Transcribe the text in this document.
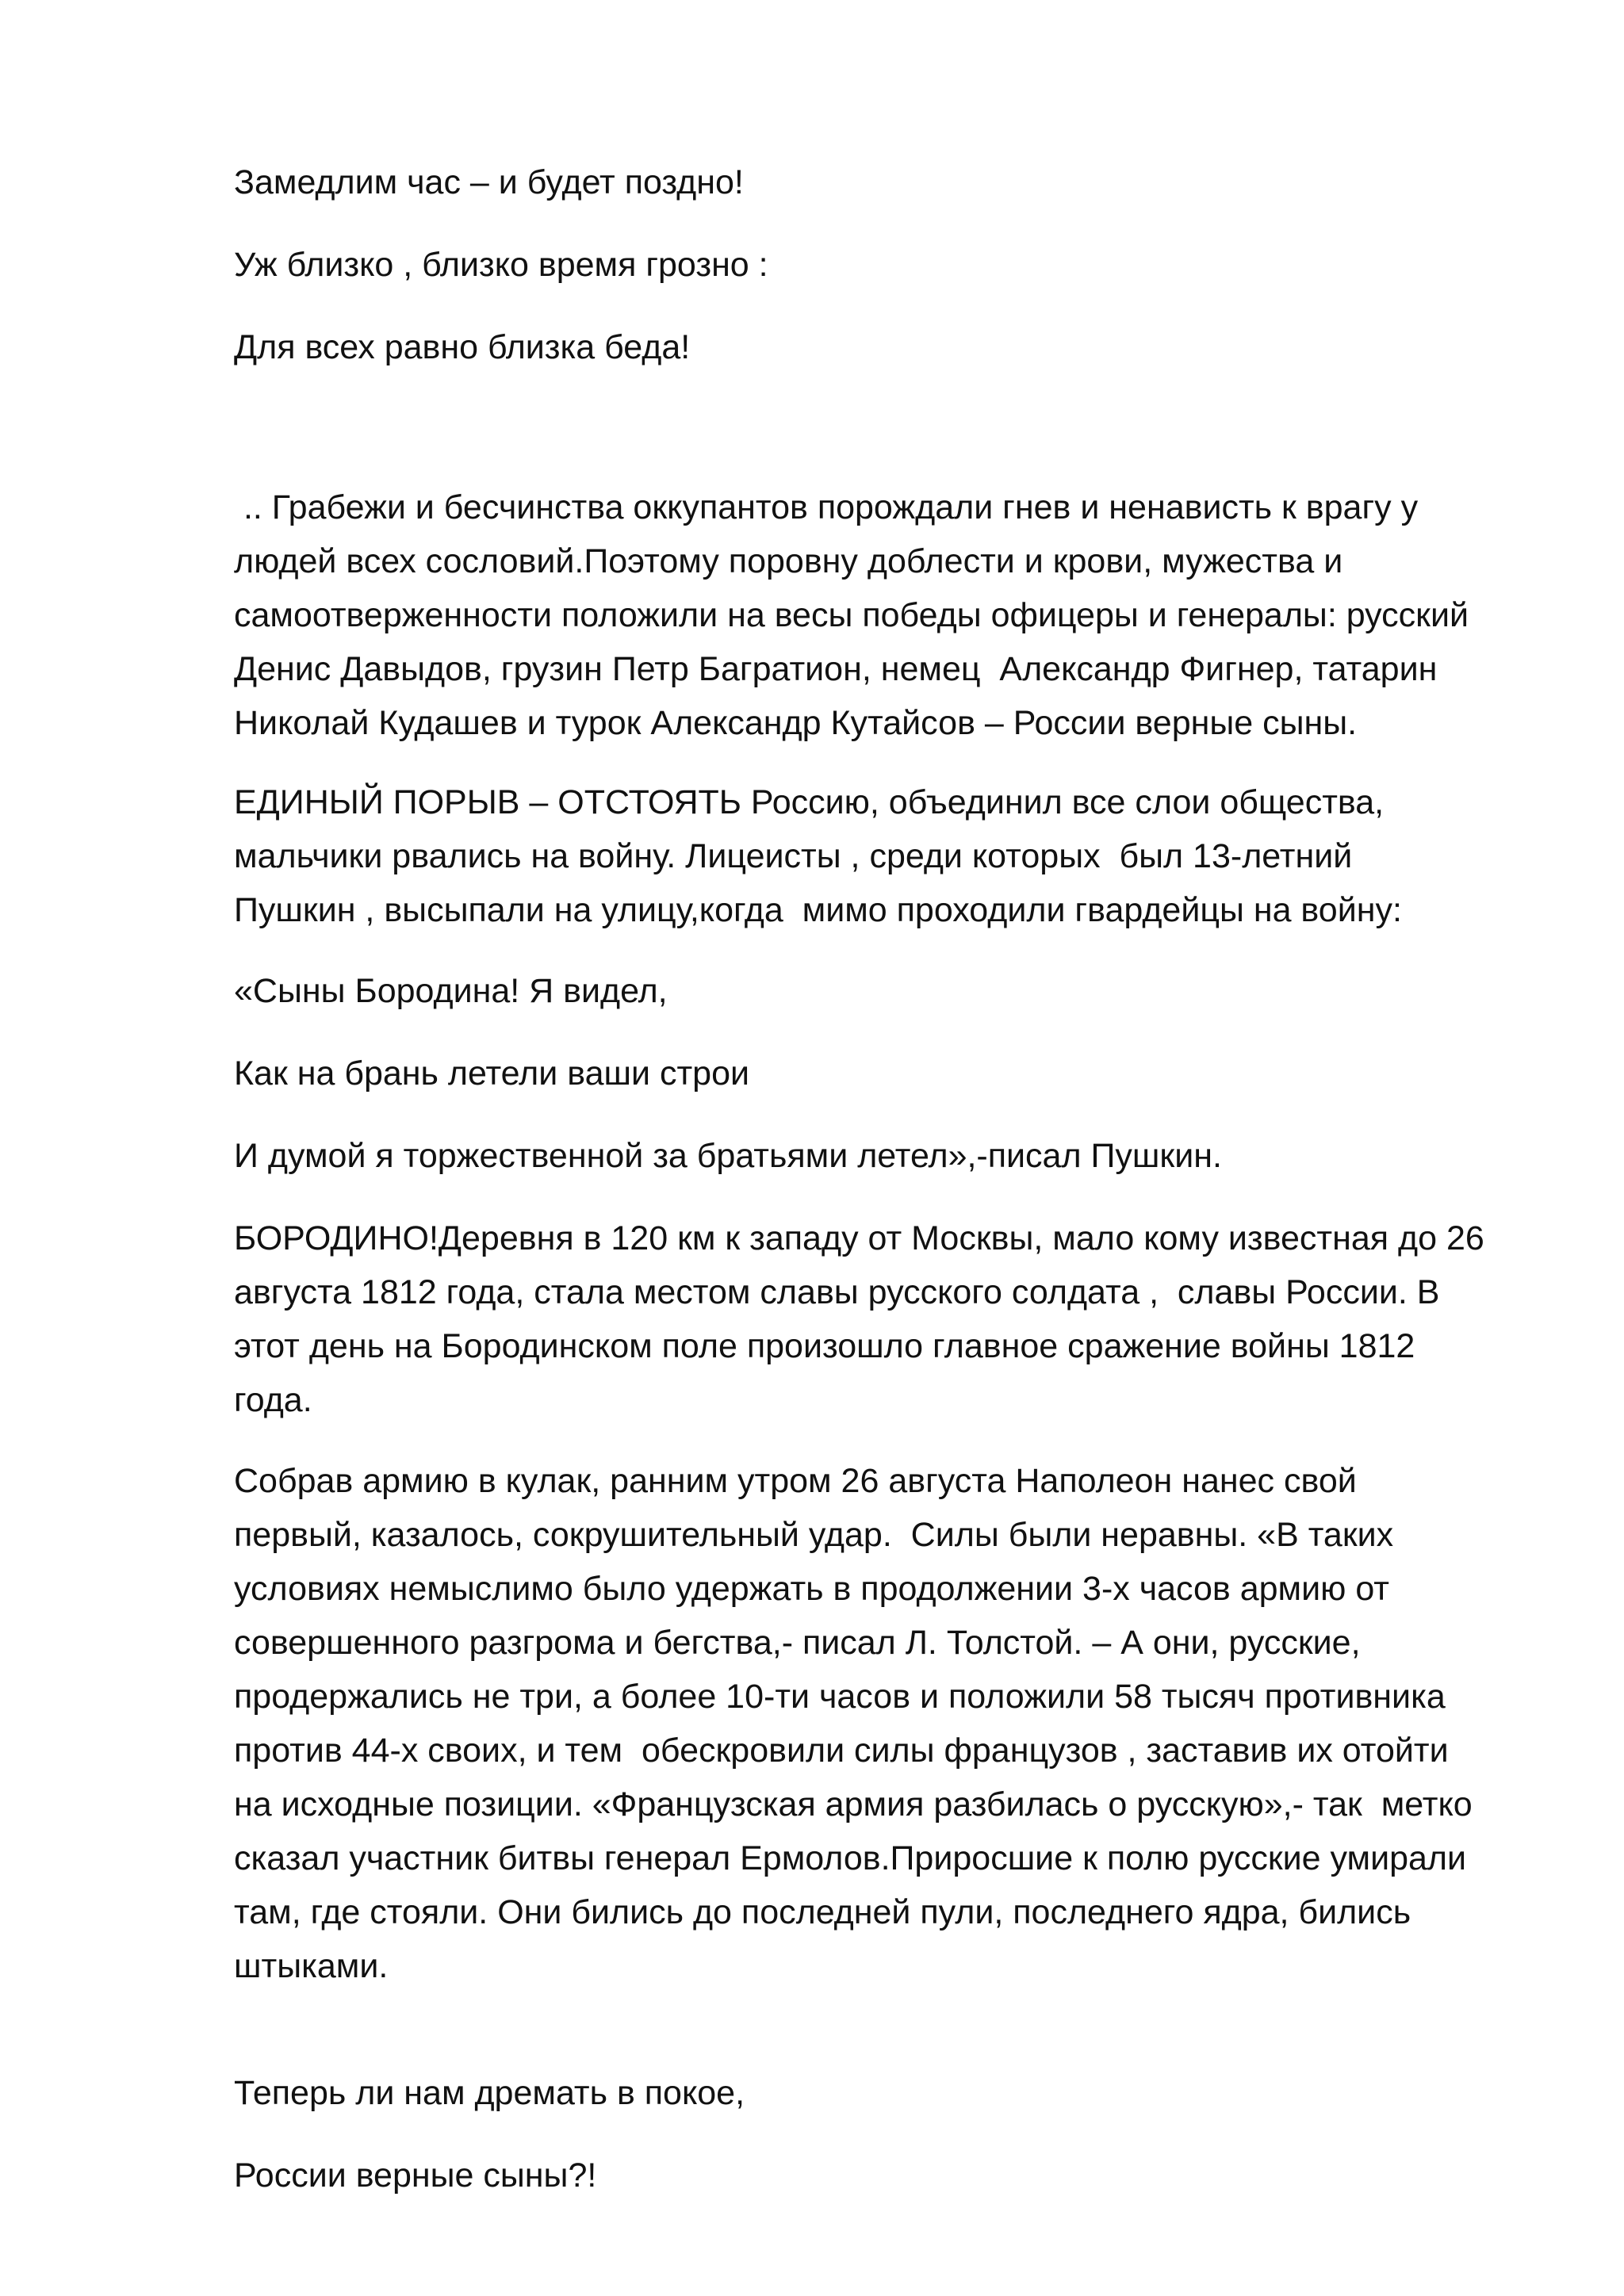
Замедлим час – и будет поздно!
Уж близко , близко время грозно :
Для всех равно близка беда!
.. Грабежи и бесчинства оккупантов порождали гнев и ненависть к врагу у
людей всех сословий.Поэтому поровну доблести и крови, мужества и
самоотверженности положили на весы победы офицеры и генералы: русский
Денис Давыдов, грузин Петр Багратион, немец  Александр Фигнер, татарин
Николай Кудашев и турок Александр Кутайсов – России верные сыны.
ЕДИНЫЙ ПОРЫВ – ОТСТОЯТЬ Россию, объединил все слои общества,
мальчики рвались на войну. Лицеисты , среди которых  был 13-летний
Пушкин , высыпали на улицу,когда  мимо проходили гвардейцы на войну:
«Сыны Бородина! Я видел,
Как на брань летели ваши строи
И думой я торжественной за братьями летел»,-писал Пушкин.
БОРОДИНО!Деревня в 120 км к западу от Москвы, мало кому известная до 26
августа 1812 года, стала местом славы русского солдата ,  славы России. В
этот день на Бородинском поле произошло главное сражение войны 1812
года.
Собрав армию в кулак, ранним утром 26 августа Наполеон нанес свой
первый, казалось, сокрушительный удар.  Силы были неравны. «В таких
условиях немыслимо было удержать в продолжении 3-х часов армию от
совершенного разгрома и бегства,- писал Л. Толстой. – А они, русские,
продержались не три, а более 10-ти часов и положили 58 тысяч противника
против 44-х своих, и тем  обескровили силы французов , заставив их отойти
на исходные позиции. «Французская армия разбилась о русскую»,- так  метко
сказал участник битвы генерал Ермолов.Приросшие к полю русские умирали
там, где стояли. Они бились до последней пули, последнего ядра, бились
штыками.
Теперь ли нам дремать в покое,
России верные сыны?!
